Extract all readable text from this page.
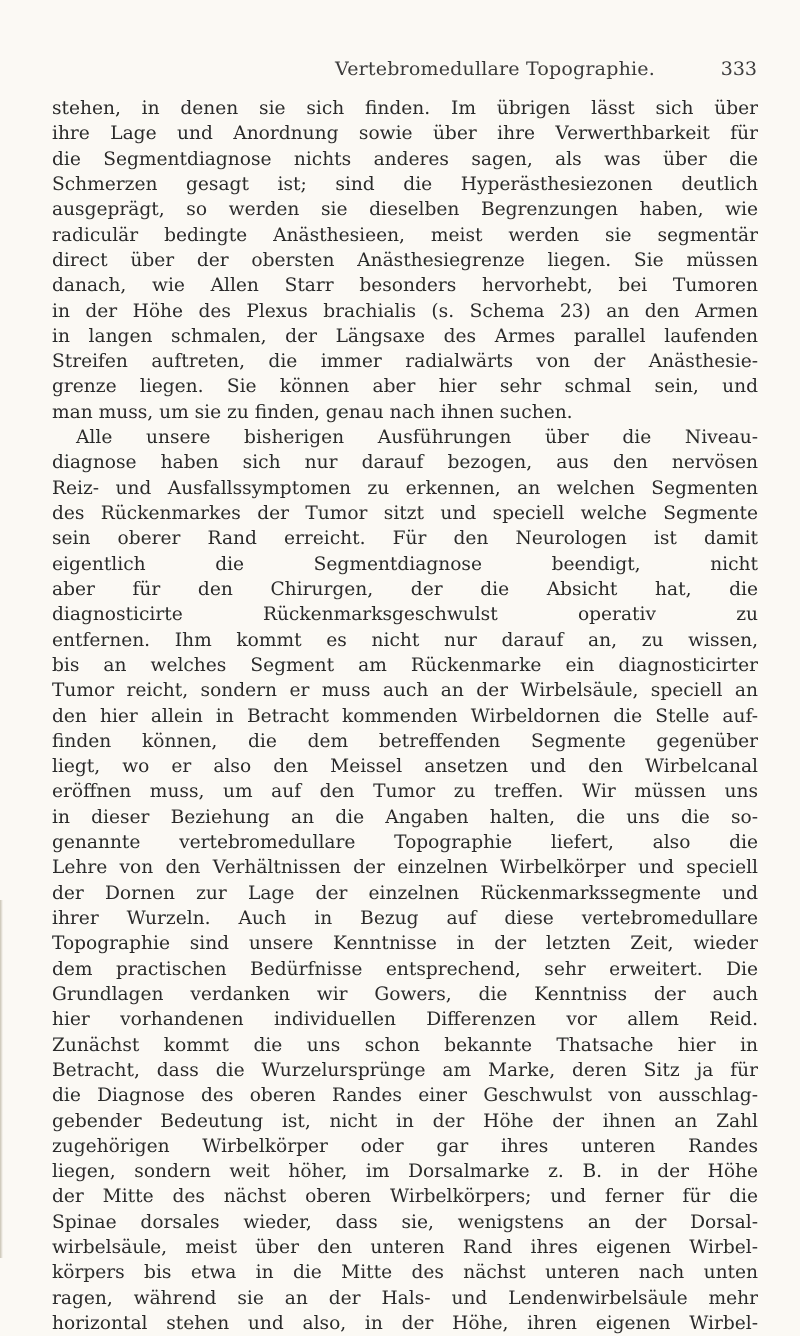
Vertebromedullare Topographie.	333
stehen, in denen sie sich finden. Im übrigen lässt sich über
ihre Lage und Anordnung sowie über ihre Verwerthbarkeit für
die Segmentdiagnose nichts anderes sagen, als was über die
Schmerzen gesagt ist; sind die Hyperästhesiezonen deutlich
ausgeprägt, so werden sie dieselben Begrenzungen haben, wie
radiculär bedingte Anästhesieen, meist werden sie segmentär
direct über der obersten Anästhesiegrenze liegen. Sie müssen
danach, wie Allen Starr besonders hervorhebt, bei Tumoren
in der Höhe des Plexus brachialis (s. Schema 23) an den Armen
in langen schmalen, der Längsaxe des Armes parallel laufenden
Streifen auftreten, die immer radialwärts von der Anästhesie-
grenze liegen. Sie können aber hier sehr schmal sein, und
man muss, um sie zu finden, genau nach ihnen suchen.
Alle unsere bisherigen Ausführungen über die Niveau-
diagnose haben sich nur darauf bezogen, aus den nervösen
Reiz- und Ausfallssymptomen zu erkennen, an welchen Segmenten
des Rückenmarkes der Tumor sitzt und speciell welche Segmente
sein oberer Rand erreicht. Für den Neurologen ist damit
eigentlich die Segmentdiagnose beendigt, nicht
aber für den Chirurgen, der die Absicht hat, die
diagnosticirte Rückenmarksgeschwulst operativ zu
entfernen. Ihm kommt es nicht nur darauf an, zu wissen,
bis an welches Segment am Rückenmarke ein diagnosticirter
Tumor reicht, sondern er muss auch an der Wirbelsäule, speciell an
den hier allein in Betracht kommenden Wirbeldornen die Stelle auf-
finden können, die dem betreffenden Segmente gegenüber
liegt, wo er also den Meissel ansetzen und den Wirbelcanal
eröffnen muss, um auf den Tumor zu treffen. Wir müssen uns
in dieser Beziehung an die Angaben halten, die uns die so-
genannte vertebromedullare Topographie liefert, also die
Lehre von den Verhältnissen der einzelnen Wirbelkörper und speciell
der Dornen zur Lage der einzelnen Rückenmarkssegmente und
ihrer Wurzeln. Auch in Bezug auf diese vertebromedullare
Topographie sind unsere Kenntnisse in der letzten Zeit, wieder
dem practischen Bedürfnisse entsprechend, sehr erweitert. Die
Grundlagen verdanken wir Gowers, die Kenntniss der auch
hier vorhandenen individuellen Differenzen vor allem Reid.
Zunächst kommt die uns schon bekannte Thatsache hier in
Betracht, dass die Wurzelursprünge am Marke, deren Sitz ja für
die Diagnose des oberen Randes einer Geschwulst von ausschlag-
gebender Bedeutung ist, nicht in der Höhe der ihnen an Zahl
zugehörigen Wirbelkörper oder gar ihres unteren Randes
liegen, sondern weit höher, im Dorsalmarke z. B. in der Höhe
der Mitte des nächst oberen Wirbelkörpers; und ferner für die
Spinae dorsales wieder, dass sie, wenigstens an der Dorsal-
wirbelsäule, meist über den unteren Rand ihres eigenen Wirbel-
körpers bis etwa in die Mitte des nächst unteren nach unten
ragen, während sie an der Hals- und Lendenwirbelsäule mehr
horizontal stehen und also, in der Höhe, ihren eigenen Wirbel-
